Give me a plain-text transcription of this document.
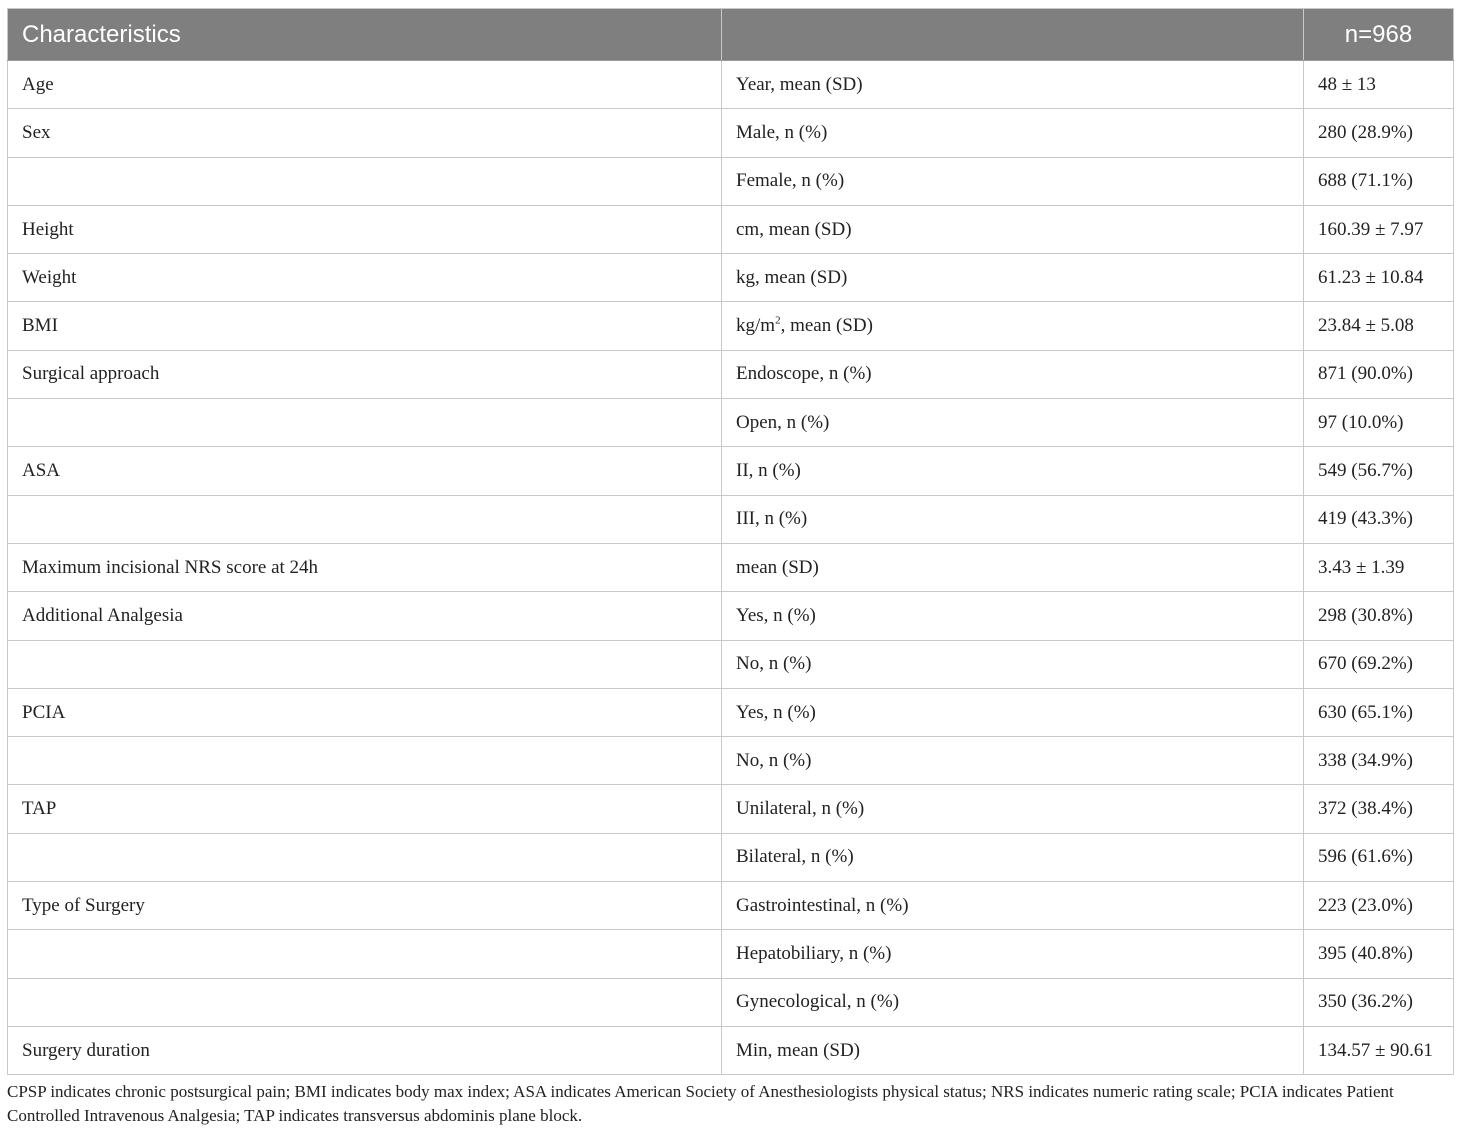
Characteristics		n=968
Age	Year, mean (SD)	48 ± 13
Sex	Male, n (%)	280 (28.9%)
	Female, n (%)	688 (71.1%)
Height	cm, mean (SD)	160.39 ± 7.97
Weight	kg, mean (SD)	61.23 ± 10.84
BMI	$kg/m^2$, mean (SD)	23.84 ± 5.08
Surgical approach	Endoscope, n (%)	871 (90.0%)
	Open, n (%)	97 (10.0%)
ASA	II, n (%)	549 (56.7%)
	III, n (%)	419 (43.3%)
Maximum incisional NRS score at 24h	mean (SD)	3.43 ± 1.39
Additional Analgesia	Yes, n (%)	298 (30.8%)
	No, n (%)	670 (69.2%)
PCIA	Yes, n (%)	630 (65.1%)
	No, n (%)	338 (34.9%)
TAP	Unilateral, n (%)	372 (38.4%)
	Bilateral, n (%)	596 (61.6%)
Type of Surgery	Gastrointestinal, n (%)	223 (23.0%)
	Hepatobiliary, n (%)	395 (40.8%)
	Gynecological, n (%)	350 (36.2%)
Surgery duration	Min, mean (SD)	134.57 ± 90.61
CPSP indicates chronic postsurgical pain; BMI indicates body max index; ASA indicates American Society of Anesthesiologists physical status; NRS indicates numeric rating scale; PCIA indicates Patient Controlled Intravenous Analgesia; TAP indicates transversus abdominis plane block.
